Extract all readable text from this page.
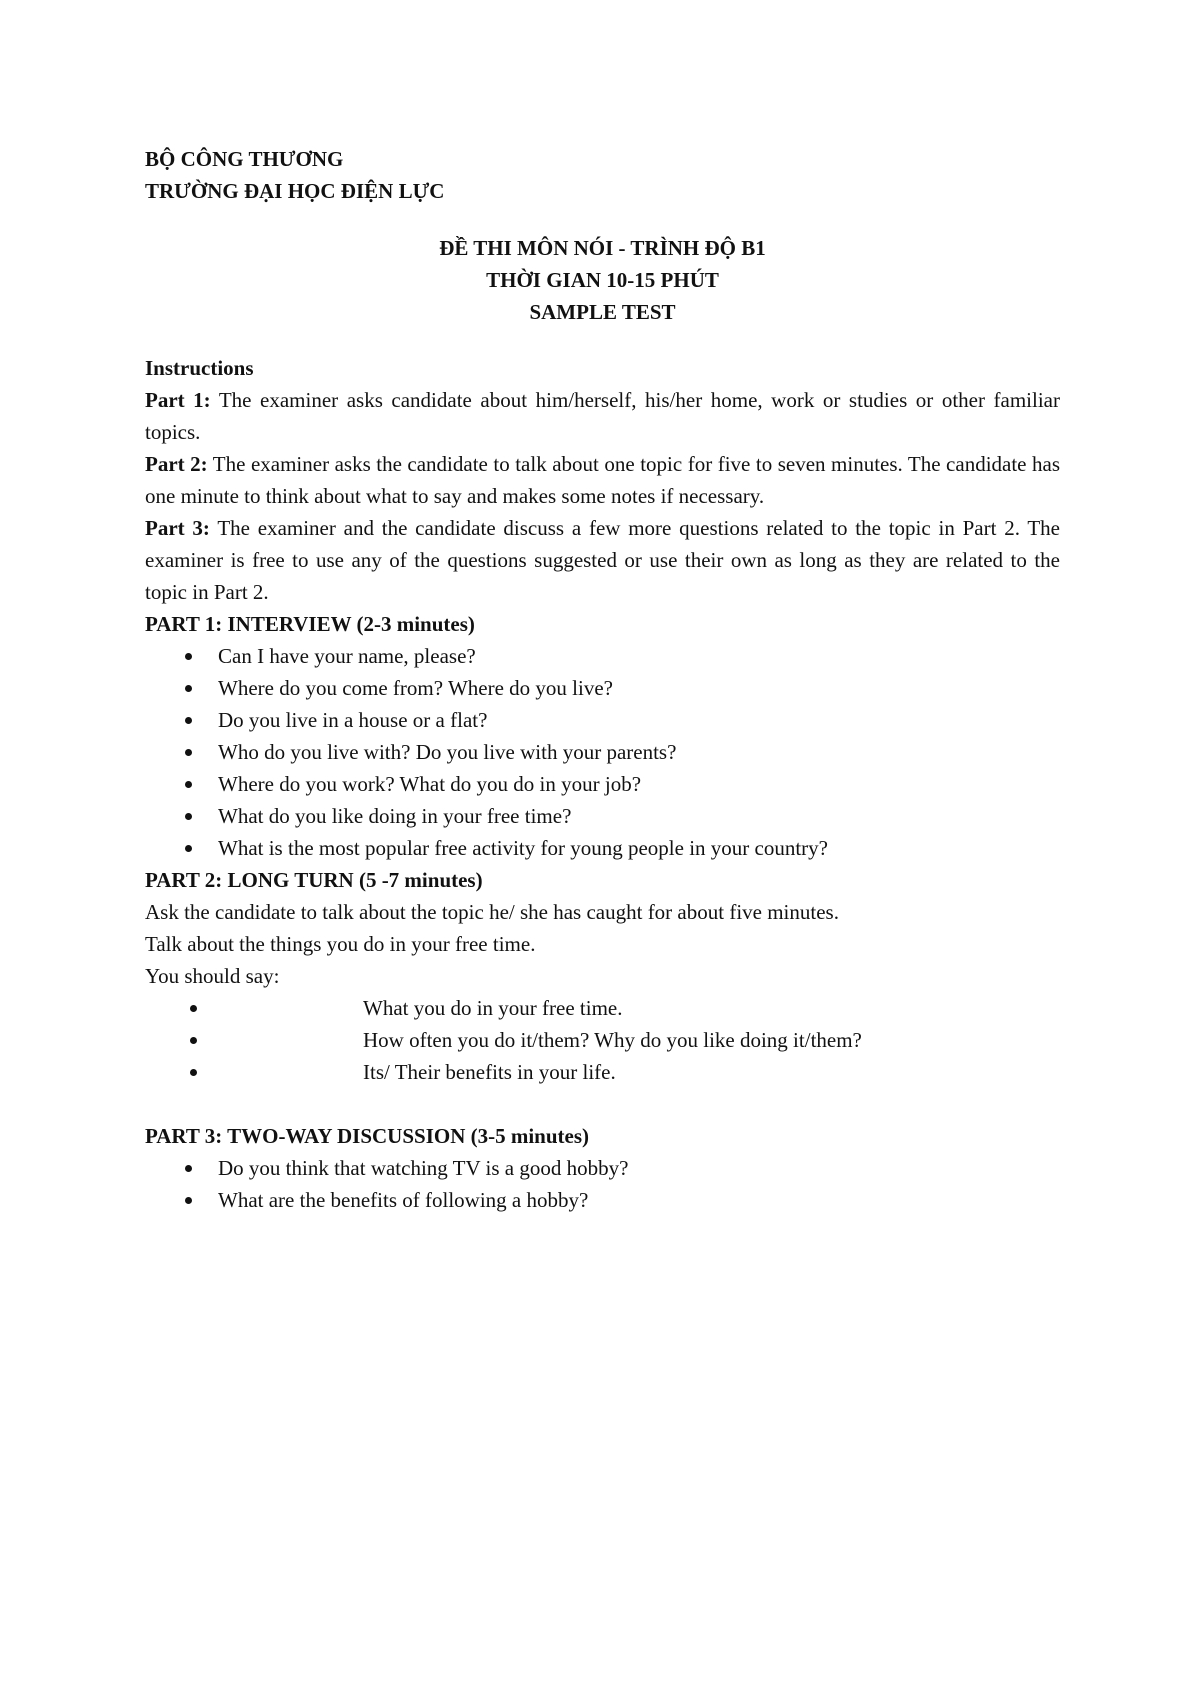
BỘ CÔNG THƯƠNG

TRƯỜNG ĐẠI HỌC ĐIỆN LỰC

ĐỀ THI MÔN NÓI - TRÌNH ĐỘ B1

THỜI GIAN 10-15 PHÚT

SAMPLE TEST

Instructions

Part 1: The examiner asks candidate about him/herself, his/her home, work or studies or other familiar topics.

Part 2: The examiner asks the candidate to talk about one topic for five to seven minutes. The candidate has one minute to think about what to say and makes some notes if necessary.

Part 3: The examiner and the candidate discuss a few more questions related to the topic in Part 2. The examiner is free to use any of the questions suggested or use their own as long as they are related to the topic in Part 2.

PART 1: INTERVIEW (2-3 minutes)

Can I have your name, please?
Where do you come from? Where do you live?
Do you live in a house or a flat?
Who do you live with? Do you live with your parents?
Where do you work? What do you do in your job?
What do you like doing in your free time?
What is the most popular free activity for young people in your country?

PART 2: LONG TURN (5 -7 minutes)

Ask the candidate to talk about the topic he/ she has caught for about five minutes.

Talk about the things you do in your free time.

You should say:

What you do in your free time.
How often you do it/them? Why do you like doing it/them?
Its/ Their benefits in your life.

PART 3: TWO-WAY DISCUSSION (3-5 minutes)

Do you think that watching TV is a good hobby?
What are the benefits of following a hobby?
